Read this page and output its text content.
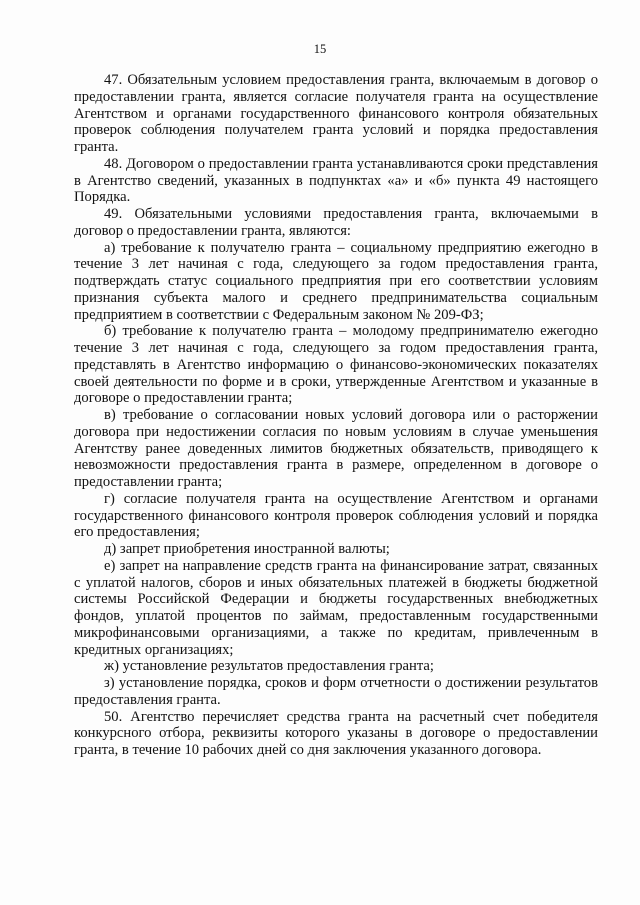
15

47. Обязательным условием предоставления гранта, включаемым в договор о предоставлении гранта, является согласие получателя гранта на осуществление Агентством и органами государственного финансового контроля обязательных проверок соблюдения получателем гранта условий и порядка предоставления гранта.

48. Договором о предоставлении гранта устанавливаются сроки представления в Агентство сведений, указанных в подпунктах «а» и «б» пункта 49 настоящего Порядка.

49. Обязательными условиями предоставления гранта, включаемыми в договор о предоставлении гранта, являются:

а) требование к получателю гранта – социальному предприятию ежегодно в течение 3 лет начиная с года, следующего за годом предоставления гранта, подтверждать статус социального предприятия при его соответствии условиям признания субъекта малого и среднего предпринимательства социальным предприятием в соответствии с Федеральным законом № 209-ФЗ;

б) требование к получателю гранта – молодому предпринимателю ежегодно течение 3 лет начиная с года, следующего за годом предоставления гранта, представлять в Агентство информацию о финансово-экономических показателях своей деятельности по форме и в сроки, утвержденные Агентством и указанные в договоре о предоставлении гранта;

в) требование о согласовании новых условий договора или о расторжении договора при недостижении согласия по новым условиям в случае уменьшения Агентству ранее доведенных лимитов бюджетных обязательств, приводящего к невозможности предоставления гранта в размере, определенном в договоре о предоставлении гранта;

г) согласие получателя гранта на осуществление Агентством и органами государственного финансового контроля проверок соблюдения условий и порядка его предоставления;

д) запрет приобретения иностранной валюты;

е) запрет на направление средств гранта на финансирование затрат, связанных с уплатой налогов, сборов и иных обязательных платежей в бюджеты бюджетной системы Российской Федерации и бюджеты государственных внебюджетных фондов, уплатой процентов по займам, предоставленным государственными микрофинансовыми организациями, а также по кредитам, привлеченным в кредитных организациях;

ж) установление результатов предоставления гранта;

з) установление порядка, сроков и форм отчетности о достижении результатов предоставления гранта.

50. Агентство перечисляет средства гранта на расчетный счет победителя конкурсного отбора, реквизиты которого указаны в договоре о предоставлении гранта, в течение 10 рабочих дней со дня заключения указанного договора.
